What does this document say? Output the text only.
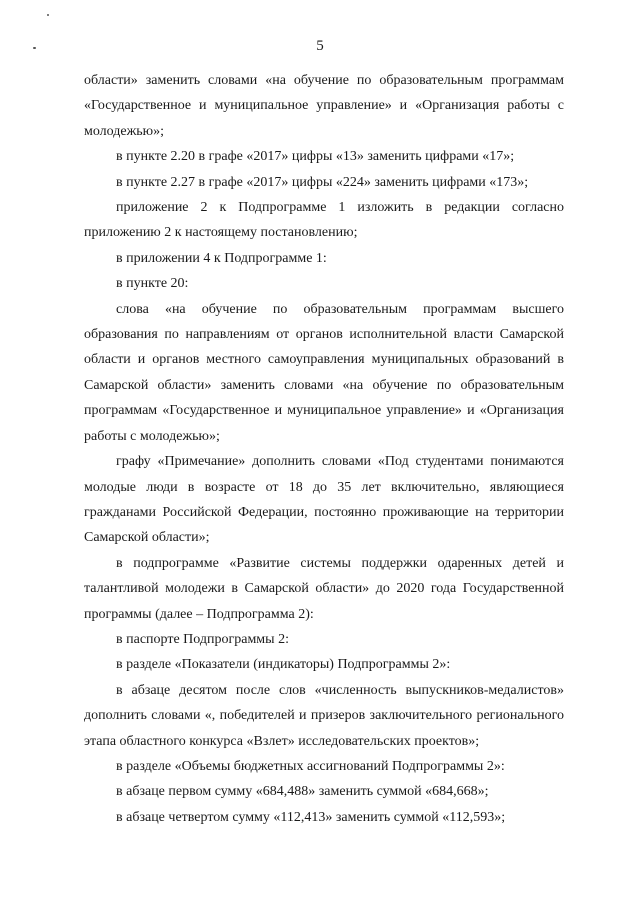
5

области» заменить словами «на обучение по образовательным программам «Государственное и муниципальное управление» и «Организация работы с молодежью»;

в пункте 2.20 в графе «2017» цифры «13» заменить цифрами «17»;

в пункте 2.27 в графе «2017» цифры «224» заменить цифрами «173»;

приложение 2 к Подпрограмме 1 изложить в редакции согласно приложению 2 к настоящему постановлению;

в приложении 4 к Подпрограмме 1:

в пункте 20:

слова «на обучение по образовательным программам высшего образования по направлениям от органов исполнительной власти Самарской области и органов местного самоуправления муниципальных образований в Самарской области» заменить словами «на обучение по образовательным программам «Государственное и муниципальное управление» и «Организация работы с молодежью»;

графу «Примечание» дополнить словами «Под студентами понимаются молодые люди в возрасте от 18 до 35 лет включительно, являющиеся гражданами Российской Федерации, постоянно проживающие на территории Самарской области»;

в подпрограмме «Развитие системы поддержки одаренных детей и талантливой молодежи в Самарской области» до 2020 года Государственной программы (далее – Подпрограмма 2):

в паспорте Подпрограммы 2:

в разделе «Показатели (индикаторы) Подпрограммы 2»:

в абзаце десятом после слов «численность выпускников-медалистов» дополнить словами «, победителей и призеров заключительного регионального этапа областного конкурса «Взлет» исследовательских проектов»;

в разделе «Объемы бюджетных ассигнований Подпрограммы 2»:

в абзаце первом сумму «684,488» заменить суммой «684,668»;

в абзаце четвертом сумму «112,413» заменить суммой «112,593»;
